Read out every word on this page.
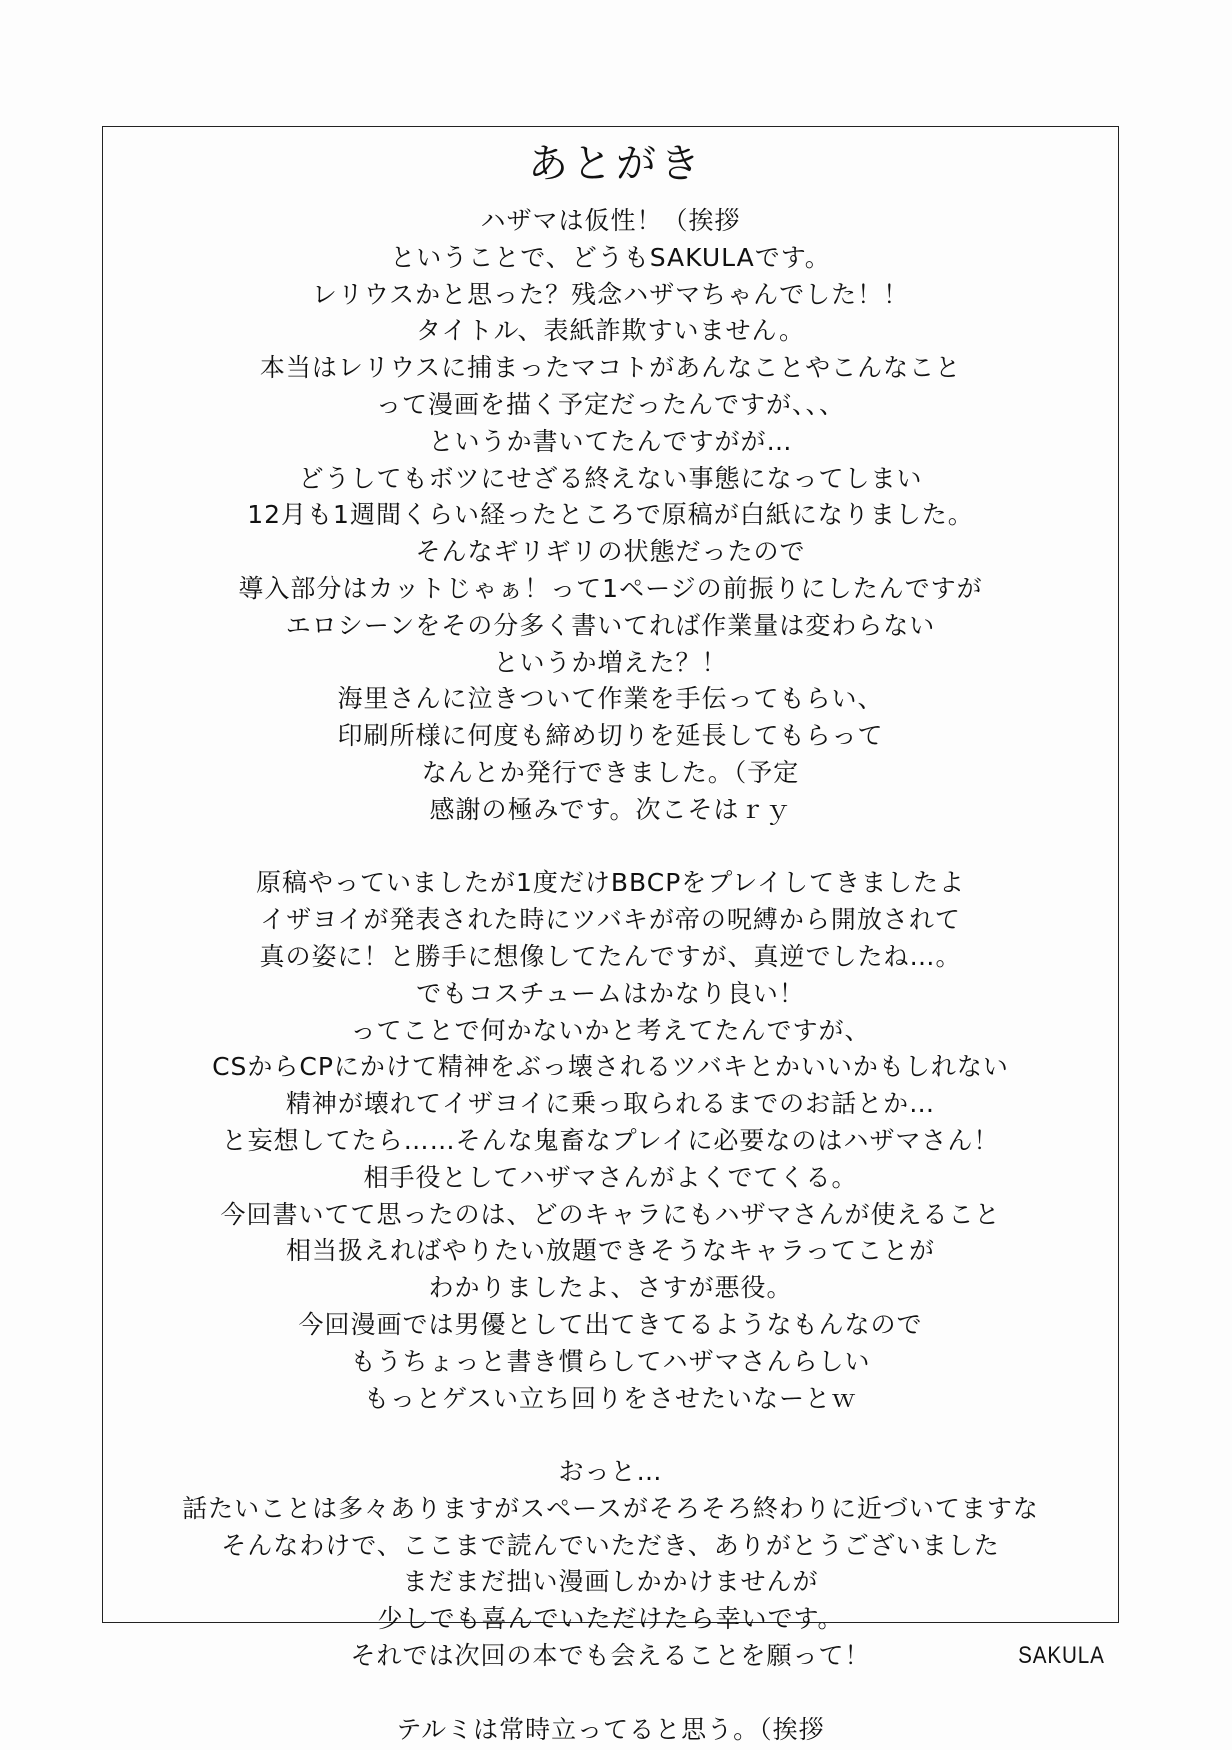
あとがき
ハザマは仮性！（挨拶
ということで、どうもSAKULAです。
レリウスかと思った？残念ハザマちゃんでした！！
タイトル、表紙詐欺すいません。
本当はレリウスに捕まったマコトがあんなことやこんなこと
って漫画を描く予定だったんですが、、、
というか書いてたんですがが…
どうしてもボツにせざる終えない事態になってしまい
12月も1週間くらい経ったところで原稿が白紙になりました。
そんなギリギリの状態だったので
導入部分はカットじゃぁ！って1ページの前振りにしたんですが
エロシーンをその分多く書いてれば作業量は変わらない
というか増えた？！
海里さんに泣きついて作業を手伝ってもらい、
印刷所様に何度も締め切りを延長してもらって
なんとか発行できました。（予定
感謝の極みです。次こそはｒｙ
原稿やっていましたが1度だけBBCPをプレイしてきましたよ
イザヨイが発表された時にツバキが帝の呪縛から開放されて
真の姿に！と勝手に想像してたんですが、真逆でしたね…。
でもコスチュームはかなり良い！
ってことで何かないかと考えてたんですが、
CSからCPにかけて精神をぶっ壊されるツバキとかいいかもしれない
精神が壊れてイザヨイに乗っ取られるまでのお話とか…
と妄想してたら……そんな鬼畜なプレイに必要なのはハザマさん！
相手役としてハザマさんがよくでてくる。
今回書いてて思ったのは、どのキャラにもハザマさんが使えること
相当扱えればやりたい放題できそうなキャラってことが
わかりましたよ、さすが悪役。
今回漫画では男優として出てきてるようなもんなので
もうちょっと書き慣らしてハザマさんらしい
もっとゲスい立ち回りをさせたいなーとｗ
おっと…
話たいことは多々ありますがスペースがそろそろ終わりに近づいてますな
そんなわけで、ここまで読んでいただき、ありがとうございました
まだまだ拙い漫画しかかけませんが
少しでも喜んでいただけたら幸いです。
それでは次回の本でも会えることを願って！
テルミは常時立ってると思う。（挨拶
SAKULA
